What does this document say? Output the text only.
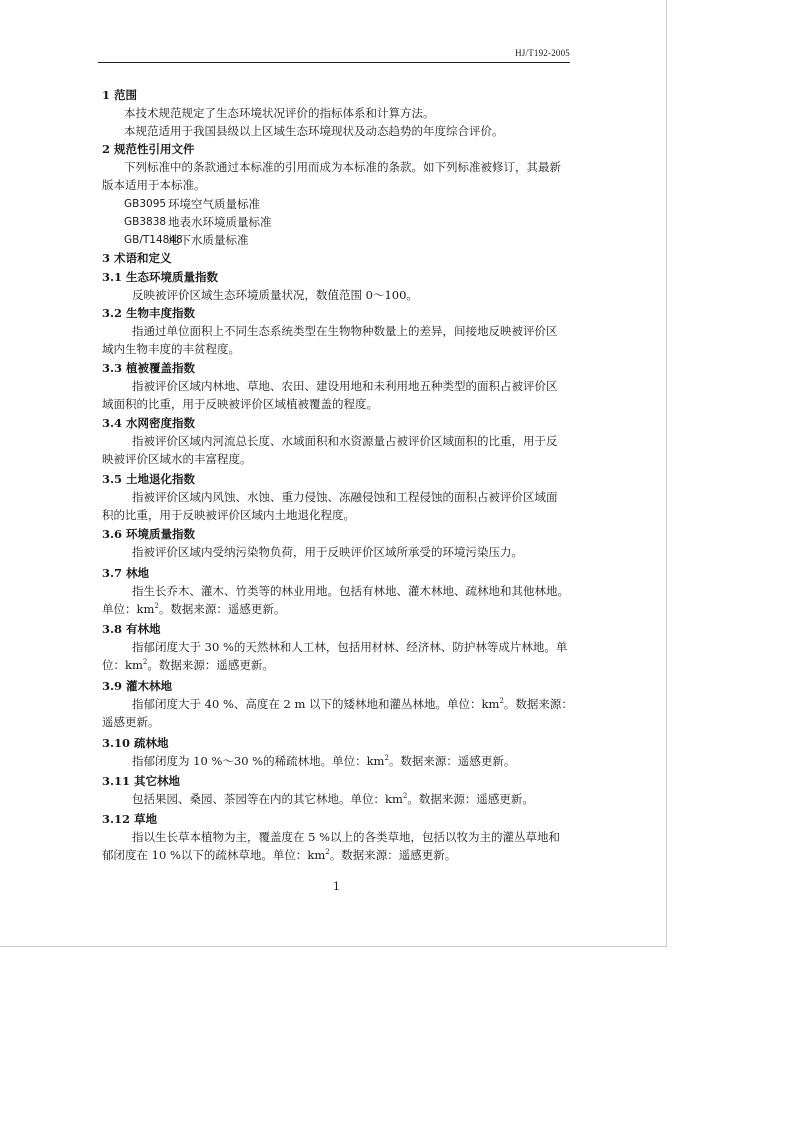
HJ/T192-2005
1 范围
本技术规范规定了生态环境状况评价的指标体系和计算方法。
本规范适用于我国县级以上区域生态环境现状及动态趋势的年度综合评价。
2 规范性引用文件
下列标准中的条款通过本标准的引用而成为本标准的条款。如下列标准被修订，其最新
版本适用于本标准。
GB3095 环境空气质量标准
GB3838 地表水环境质量标准
GB/T14848
地下水质量标准
3 术语和定义
3.1 生态环境质量指数
反映被评价区域生态环境质量状况，数值范围 0～100。
3.2 生物丰度指数
指通过单位面积上不同生态系统类型在生物物种数量上的差异，间接地反映被评价区
域内生物丰度的丰贫程度。
3.3 植被覆盖指数
指被评价区域内林地、草地、农田、建设用地和未利用地五种类型的面积占被评价区
域面积的比重，用于反映被评价区域植被覆盖的程度。
3.4 水网密度指数
指被评价区域内河流总长度、水域面积和水资源量占被评价区域面积的比重，用于反
映被评价区域水的丰富程度。
3.5 土地退化指数
指被评价区域内风蚀、水蚀、重力侵蚀、冻融侵蚀和工程侵蚀的面积占被评价区域面
积的比重，用于反映被评价区域内土地退化程度。
3.6 环境质量指数
指被评价区域内受纳污染物负荷，用于反映评价区域所承受的环境污染压力。
3.7 林地
指生长乔木、灌木、竹类等的林业用地。包括有林地、灌木林地、疏林地和其他林地。
单位：$km^2$。数据来源：遥感更新。
3.8 有林地
指郁闭度大于 30 %的天然林和人工林，包括用材林、经济林、防护林等成片林地。单
位：$km^2$。数据来源：遥感更新。
3.9 灌木林地
指郁闭度大于 40 %、高度在 2 m 以下的矮林地和灌丛林地。单位：$km^2$。数据来源：
遥感更新。
3.10 疏林地
指郁闭度为 10 %～30 %的稀疏林地。单位：$km^2$。数据来源：遥感更新。
3.11 其它林地
包括果园、桑园、茶园等在内的其它林地。单位：$km^2$。数据来源：遥感更新。
3.12 草地
指以生长草本植物为主，覆盖度在 5 %以上的各类草地，包括以牧为主的灌丛草地和
郁闭度在 10 %以下的疏林草地。单位：$km^2$。数据来源：遥感更新。
1
